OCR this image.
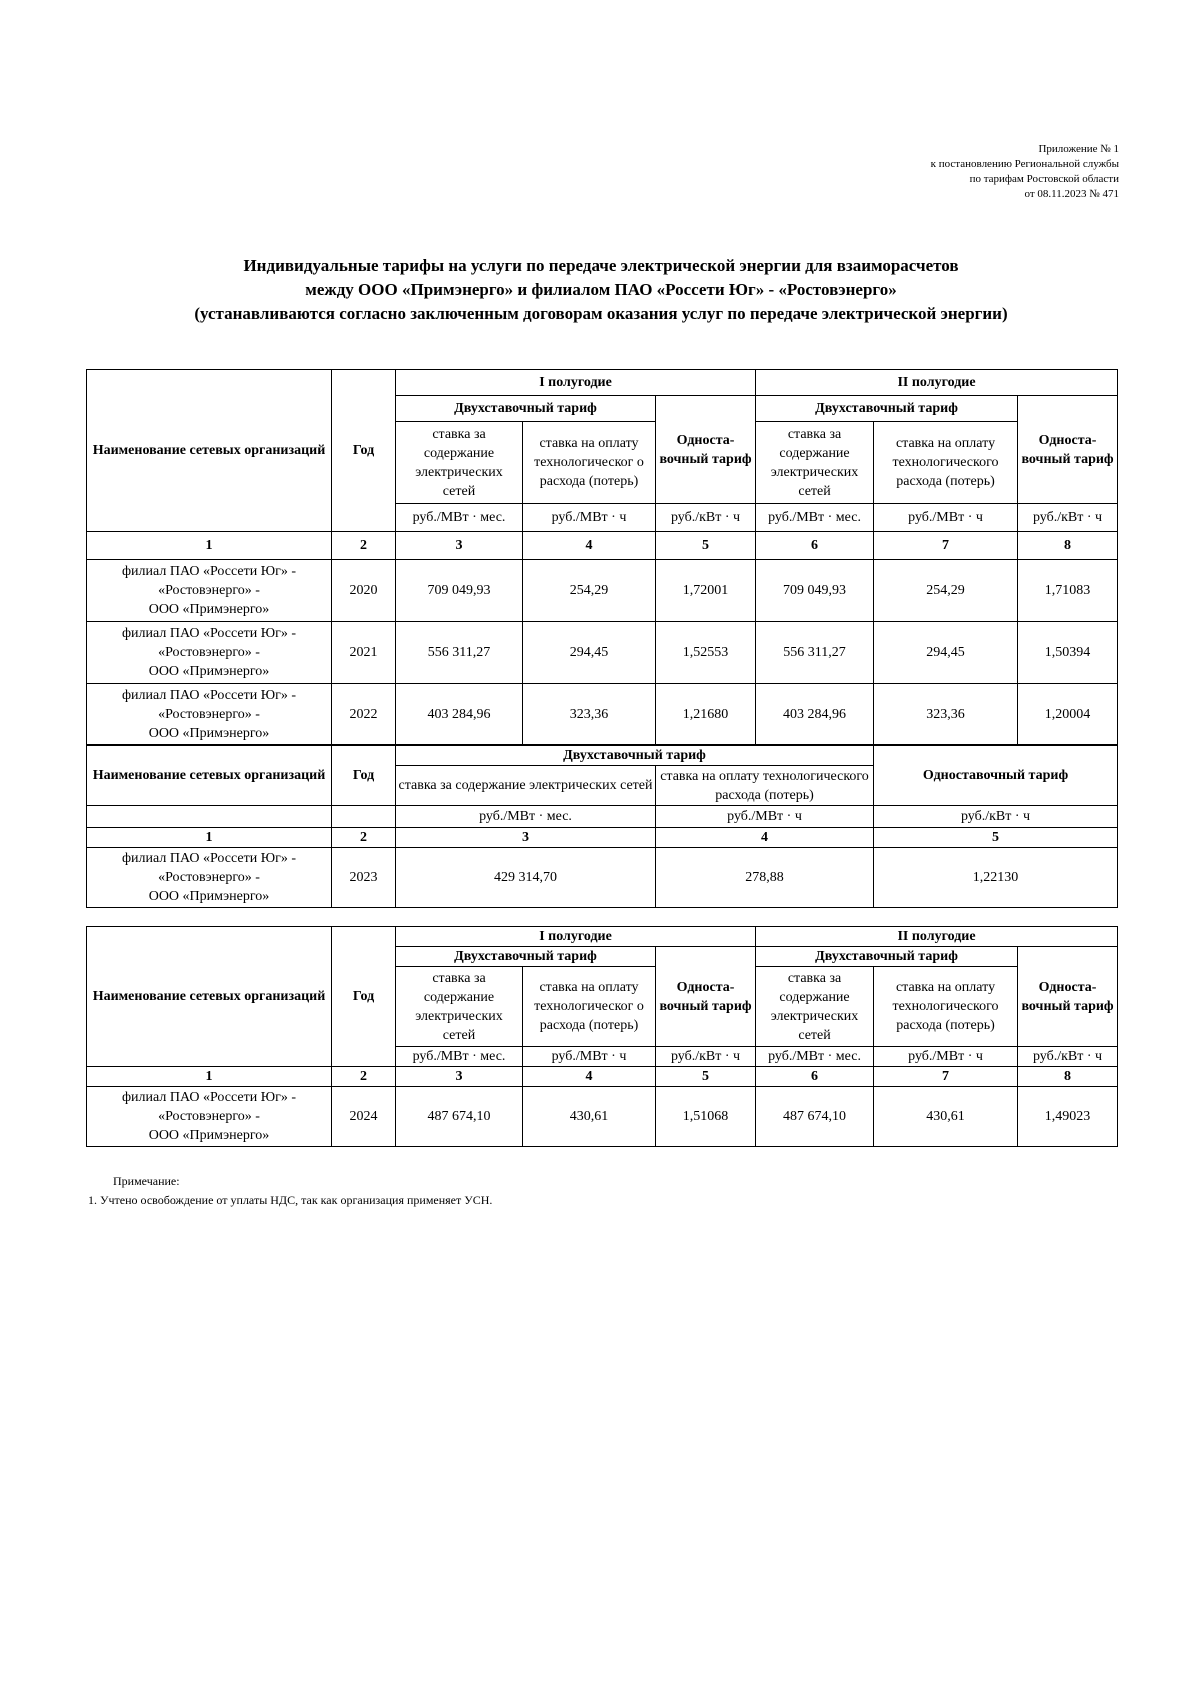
Приложение № 1
к постановлению Региональной службы
по тарифам Ростовской области
от 08.11.2023 № 471
Индивидуальные тарифы на услуги по передаче электрической энергии для взаиморасчетов
между ООО «Примэнерго» и филиалом ПАО «Россети Юг» - «Ростовэнерго»
(устанавливаются согласно заключенным договорам оказания услуг по передаче электрической энергии)
Наименование сетевых организаций	Год	I полугодие			II полугодие		
		Двухставочный тариф		Односта- вочный тариф	Двухставочный тариф		Односта- вочный тариф
		ставка за содержание электрических сетей	ставка на оплату технологическог о расхода (потерь)		ставка за содержание электрических сетей	ставка на оплату технологического расхода (потерь)	
		руб./МВт · мес.	руб./МВт · ч	руб./кВт · ч	руб./МВт · мес.	руб./МВт · ч	руб./кВт · ч
1	2	3	4	5	6	7	8

филиал ПАО «Россети Юг» -
«Ростовэнерго» -
ООО «Примэнерго»	2020	709 049,93	254,29	1,72001	709 049,93	254,29	1,71083

филиал ПАО «Россети Юг» -
«Ростовэнерго» -
ООО «Примэнерго»	2021	556 311,27	294,45	1,52553	556 311,27	294,45	1,50394

филиал ПАО «Россети Юг» -
«Ростовэнерго» -
ООО «Примэнерго»	2022	403 284,96	323,36	1,21680	403 284,96	323,36	1,20004
Наименование сетевых организаций	Год	Двухставочный тариф		Одноставочный тариф
		ставка за содержание электрических сетей	ставка на оплату технологического расхода (потерь)	

		руб./МВт · мес.	руб./МВт · ч	руб./кВт · ч
1	2	3	4	5

филиал ПАО «Россети Юг» -
«Ростовэнерго» -
ООО «Примэнерго»	2023	429 314,70	278,88	1,22130
Наименование сетевых организаций	Год	I полугодие			II полугодие		
		Двухставочный тариф		Односта- вочный тариф	Двухставочный тариф		Односта- вочный тариф
		ставка за содержание электрических сетей	ставка на оплату технологическог о расхода (потерь)		ставка за содержание электрических сетей	ставка на оплату технологического расхода (потерь)	
		руб./МВт · мес.	руб./МВт · ч	руб./кВт · ч	руб./МВт · мес.	руб./МВт · ч	руб./кВт · ч
1	2	3	4	5	6	7	8

филиал ПАО «Россети Юг» -
«Ростовэнерго» -
ООО «Примэнерго»	2024	487 674,10	430,61	1,51068	487 674,10	430,61	1,49023
Примечание:
1. Учтено освобождение от уплаты НДС, так как организация применяет УСН.
